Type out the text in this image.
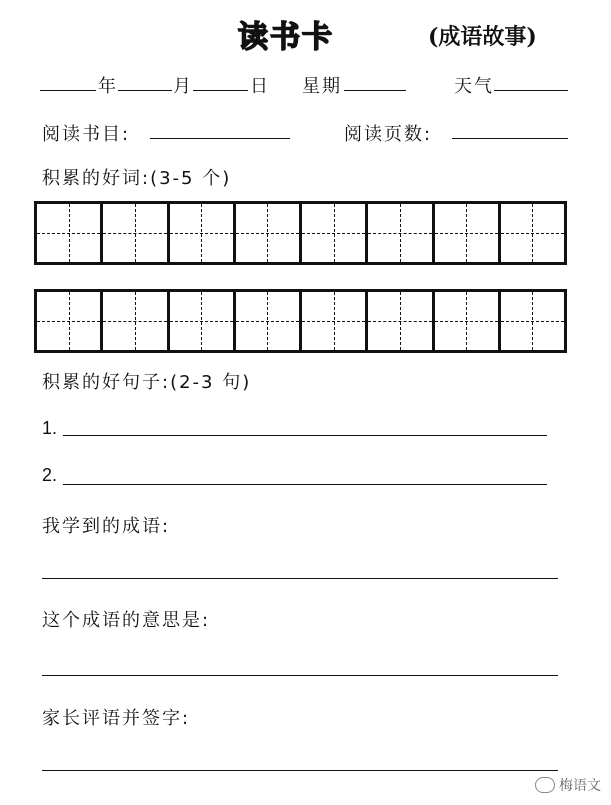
读书卡	(成语故事)
年	月	日 星期	天气
阅读书目:	阅读页数:
积累的好词:(3-5 个)
积累的好句子:(2-3 句)
1.
2.
我学到的成语:
这个成语的意思是:
家长评语并签字:
梅语文
